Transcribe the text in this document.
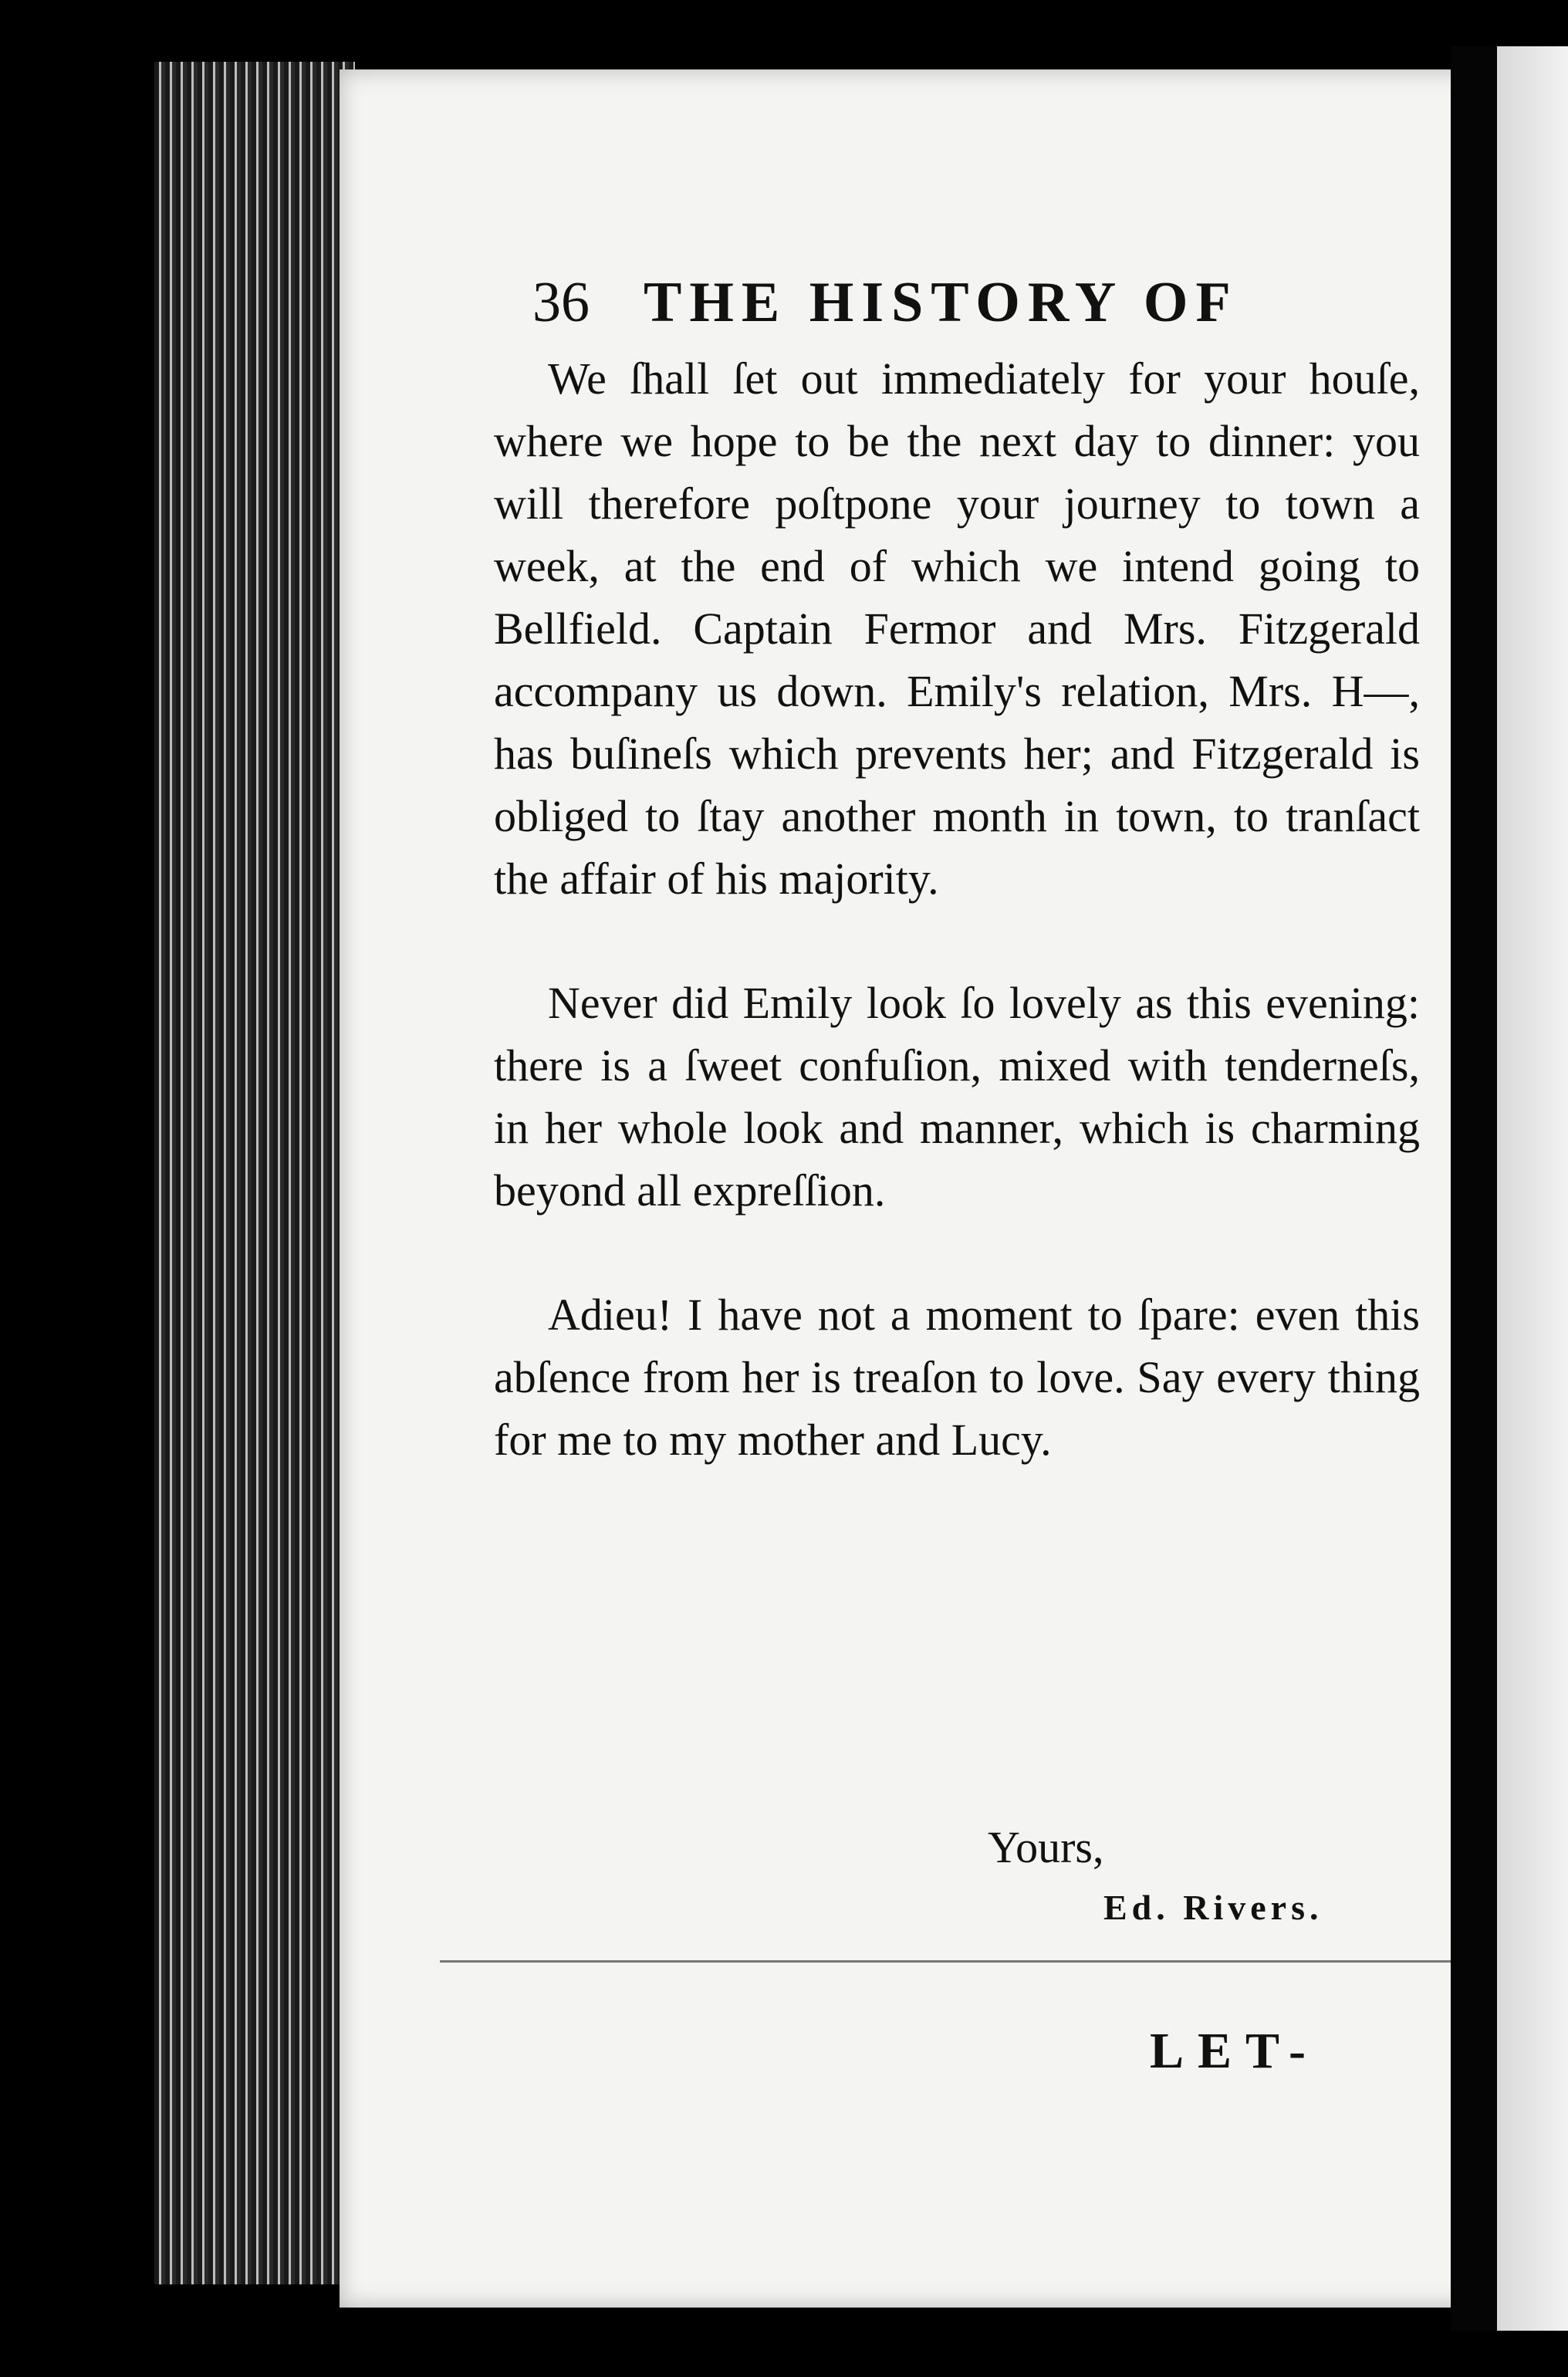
36 THE HISTORY OF

We ſhall ſet out immediately for your houſe, where we hope to be the next day to dinner: you will therefore poſtpone your journey to town a week, at the end of which we intend going to Bellfield. Captain Fermor and Mrs. Fitzgerald accompany us down. Emily's relation, Mrs. H—, has buſineſs which prevents her; and Fitzgerald is obliged to ſtay another month in town, to tranſact the affair of his majority.

Never did Emily look ſo lovely as this evening: there is a ſweet confuſion, mixed with tenderneſs, in her whole look and manner, which is charming beyond all expreſſion.

Adieu! I have not a moment to ſpare: even this abſence from her is treaſon to love. Say every thing for me to my mother and Lucy.

Yours,
Ed. Rivers.
LET-
